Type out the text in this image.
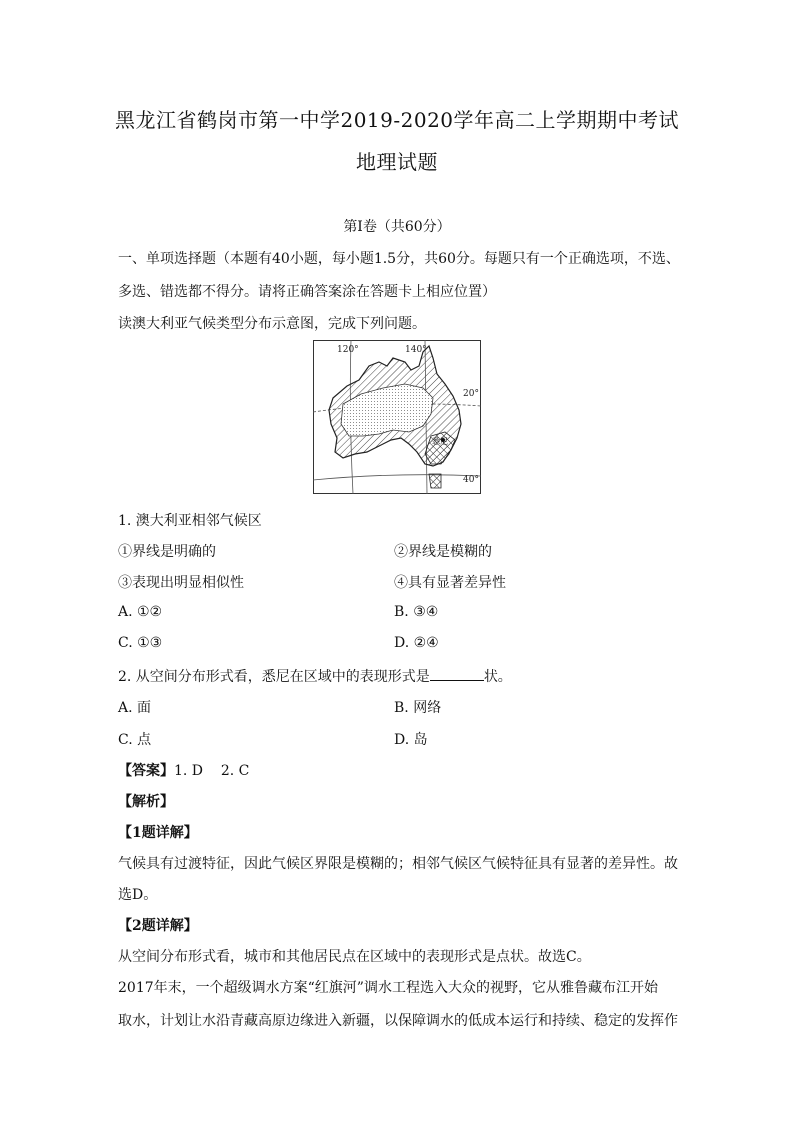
黑龙江省鹤岗市第一中学2019-2020学年高二上学期期中考试
地理试题
第Ⅰ卷（共60分）
一、单项选择题（本题有40小题，每小题1.5分，共60分。每题只有一个正确选项，不选、
多选、错选都不得分。请将正确答案涂在答题卡上相应位置）
读澳大利亚气候类型分布示意图，完成下列问题。
120°	140°
20°
40°
悉尼
1. 澳大利亚相邻气候区
①界线是明确的	②界线是模糊的
③表现出明显相似性	④具有显著差异性
A. ①②	B. ③④
C. ①③	D. ②④
2. 从空间分布形式看，悉尼在区域中的表现形式是	状。
A. 面	B. 网络
C. 点	D. 岛
【答案】1. D    2. C
【解析】
【1题详解】
气候具有过渡特征，因此气候区界限是模糊的；相邻气候区气候特征具有显著的差异性。故
选D。
【2题详解】
从空间分布形式看，城市和其他居民点在区域中的表现形式是点状。故选C。
2017年末，一个超级调水方案“红旗河”调水工程选入大众的视野，它从雅鲁藏布江开始
取水，计划让水沿青藏高原边缘进入新疆，以保障调水的低成本运行和持续、稳定的发挥作
